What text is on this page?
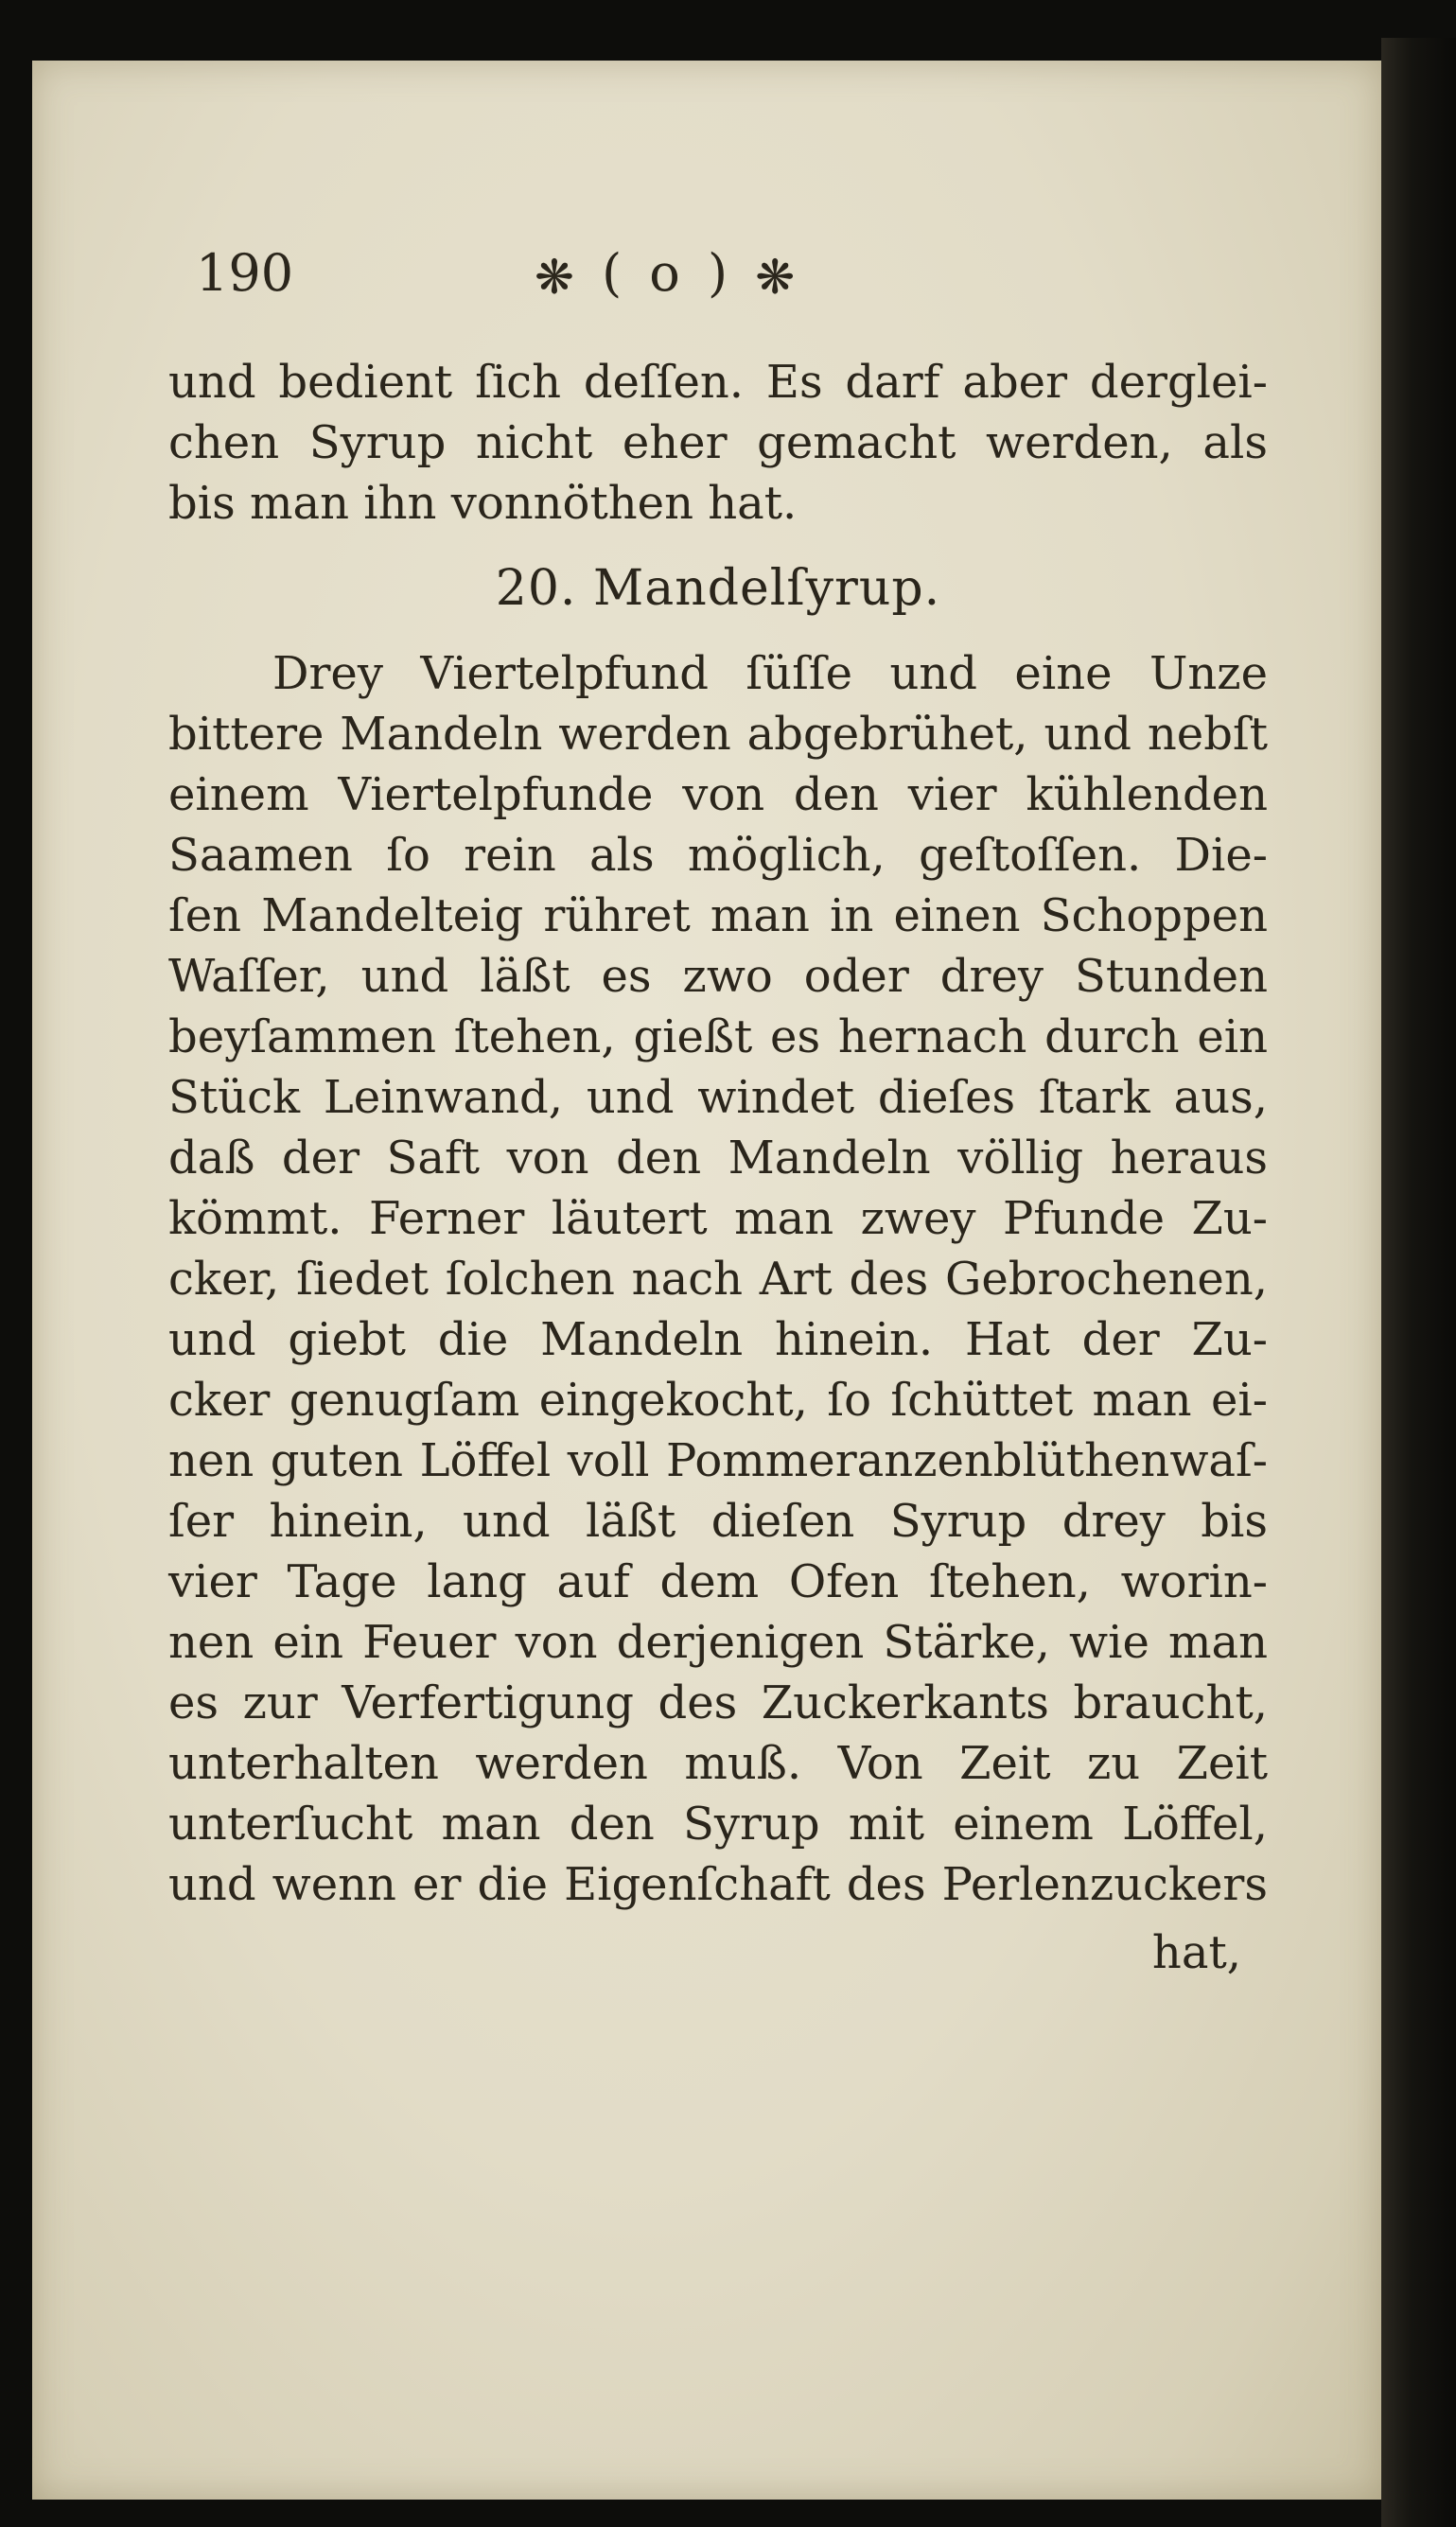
190	❋ ( o ) ❋
und bedient ſich deſſen. Es darf aber derglei-
chen Syrup nicht eher gemacht werden, als
bis man ihn vonnöthen hat.
20. Mandelſyrup.
Drey Viertelpfund ſüſſe und eine Unze
bittere Mandeln werden abgebrühet, und nebſt
einem Viertelpfunde von den vier kühlenden
Saamen ſo rein als möglich, geſtoſſen. Die-
ſen Mandelteig rühret man in einen Schoppen
Waſſer, und läßt es zwo oder drey Stunden
beyſammen ſtehen, gießt es hernach durch ein
Stück Leinwand, und windet dieſes ſtark aus,
daß der Saft von den Mandeln völlig heraus
kömmt. Ferner läutert man zwey Pfunde Zu-
cker, ſiedet ſolchen nach Art des Gebrochenen,
und giebt die Mandeln hinein. Hat der Zu-
cker genugſam eingekocht, ſo ſchüttet man ei-
nen guten Löffel voll Pommeranzenblüthenwaſ-
ſer hinein, und läßt dieſen Syrup drey bis
vier Tage lang auf dem Ofen ſtehen, worin-
nen ein Feuer von derjenigen Stärke, wie man
es zur Verfertigung des Zuckerkants braucht,
unterhalten werden muß. Von Zeit zu Zeit
unterſucht man den Syrup mit einem Löffel,
und wenn er die Eigenſchaft des Perlenzuckers
hat,
